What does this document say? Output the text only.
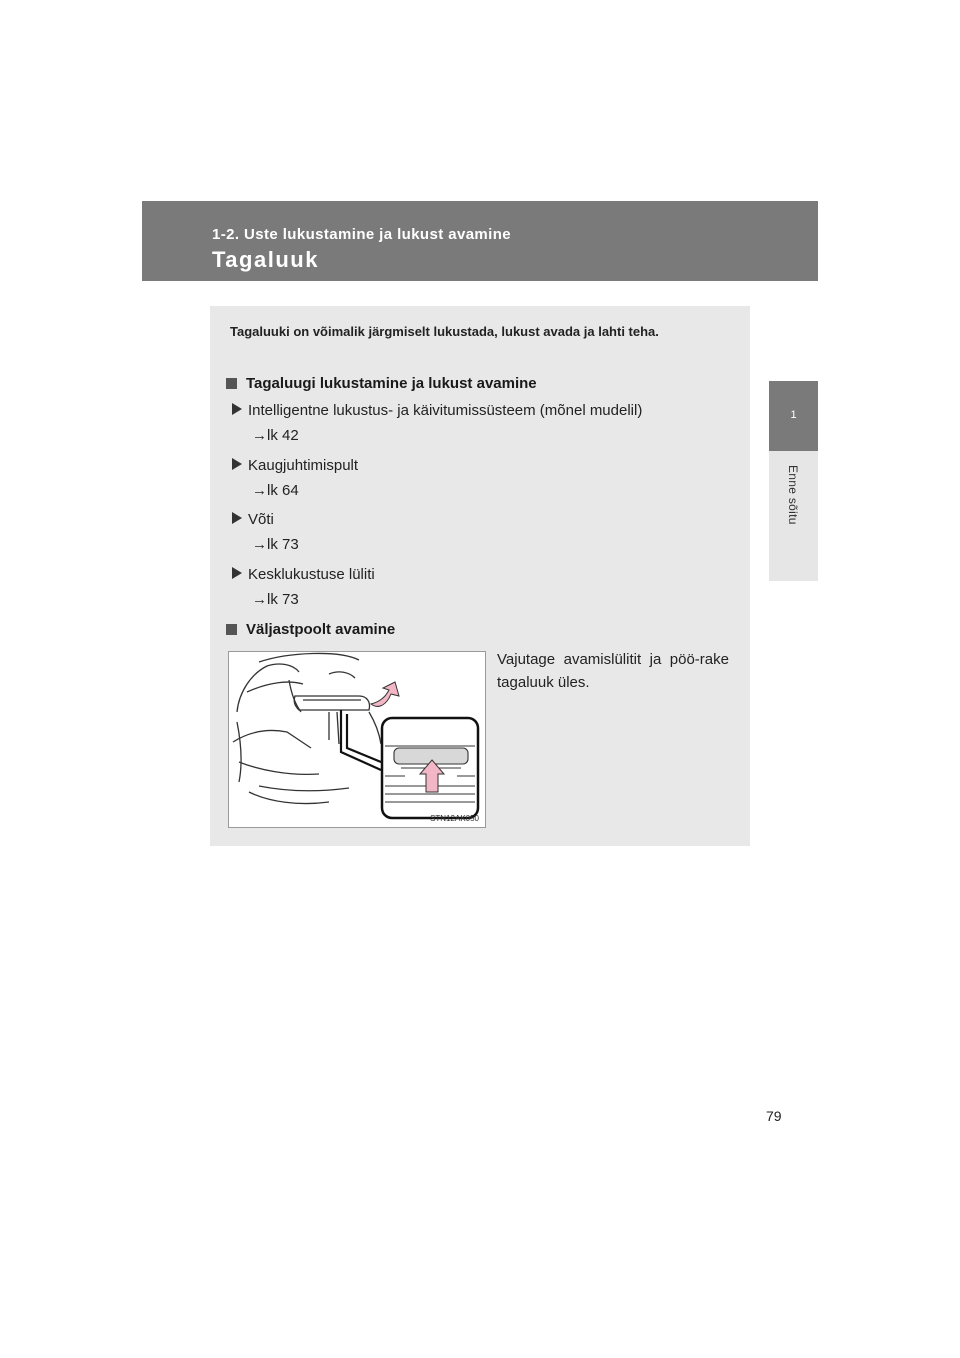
1-2. Uste lukustamine ja lukust avamine
Tagaluuk
1
Enne sõitu
Tagaluuki on võimalik järgmiselt lukustada, lukust avada ja lahti teha.
Tagaluugi lukustamine ja lukust avamine
Intelligentne lukustus- ja käivitumissüsteem (mõnel mudelil)
→lk 42
Kaugjuhtimispult
→lk 64
Võti
→lk 73
Kesklukustuse lüliti
→lk 73
Väljastpoolt avamine
STN12AK050
Vajutage avamislülitit ja pöö-rake tagaluuk üles.
79
